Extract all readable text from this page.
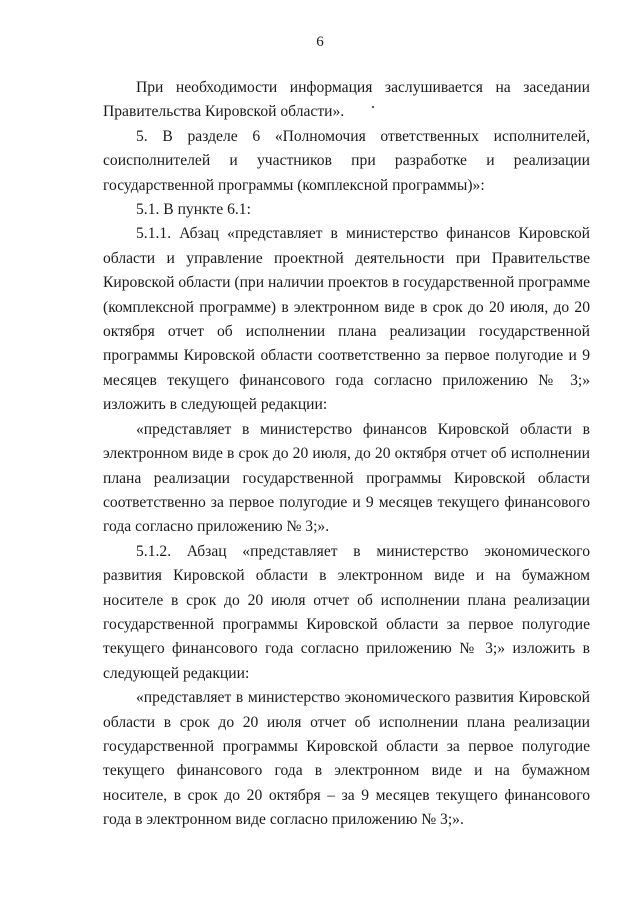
6

При необходимости информация заслушивается на заседании Правительства Кировской области».

5. В разделе 6 «Полномочия ответственных исполнителей, соисполнителей и участников при разработке и реализации государственной программы (комплексной программы)»:

5.1. В пункте 6.1:

5.1.1. Абзац «представляет в министерство финансов Кировской области и управление проектной деятельности при Правительстве Кировской области (при наличии проектов в государственной программе (комплексной программе) в электронном виде в срок до 20 июля, до 20 октября отчет об исполнении плана реализации государственной программы Кировской области соответственно за первое полугодие и 9 месяцев текущего финансового года согласно приложению № 3;» изложить в следующей редакции:

«представляет в министерство финансов Кировской области в электронном виде в срок до 20 июля, до 20 октября отчет об исполнении плана реализации государственной программы Кировской области соответственно за первое полугодие и 9 месяцев текущего финансового года согласно приложению № 3;».

5.1.2. Абзац «представляет в министерство экономического развития Кировской области в электронном виде и на бумажном носителе в срок до 20 июля отчет об исполнении плана реализации государственной программы Кировской области за первое полугодие текущего финансового года согласно приложению № 3;» изложить в следующей редакции:

«представляет в министерство экономического развития Кировской области в срок до 20 июля отчет об исполнении плана реализации государственной программы Кировской области за первое полугодие текущего финансового года в электронном виде и на бумажном носителе, в срок до 20 октября – за 9 месяцев текущего финансового года в электронном виде согласно приложению № 3;».
